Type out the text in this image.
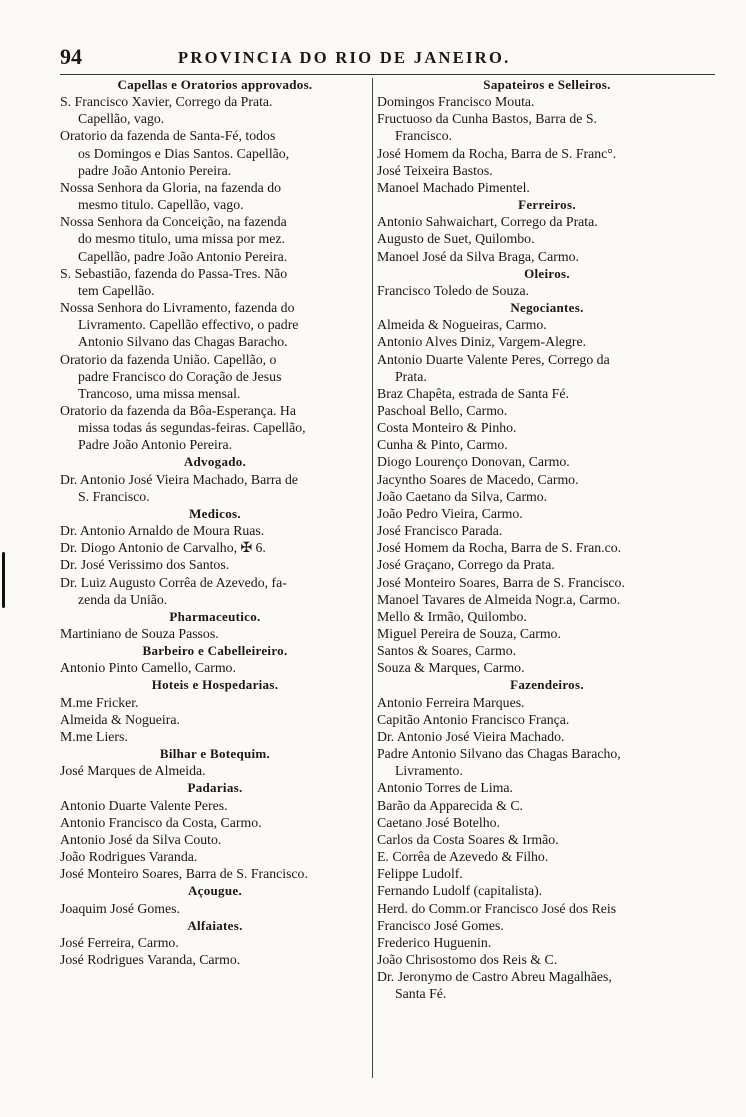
94	PROVINCIA DO RIO DE JANEIRO.
Capellas e Oratorios approvados.
S. Francisco Xavier, Corrego da Prata.
Capellão, vago.
Oratorio da fazenda de Santa-Fé, todos
os Domingos e Dias Santos. Capellão,
padre João Antonio Pereira.
Nossa Senhora da Gloria, na fazenda do
mesmo titulo. Capellão, vago.
Nossa Senhora da Conceição, na fazenda
do mesmo titulo, uma missa por mez.
Capellão, padre João Antonio Pereira.
S. Sebastião, fazenda do Passa-Tres. Não
tem Capellão.
Nossa Senhora do Livramento, fazenda do
Livramento. Capellão effectivo, o padre
Antonio Silvano das Chagas Baracho.
Oratorio da fazenda União. Capellão, o
padre Francisco do Coração de Jesus
Trancoso, uma missa mensal.
Oratorio da fazenda da Bôa-Esperança. Ha
missa todas ás segundas-feiras. Capellão,
Padre João Antonio Pereira.
Advogado.
Dr. Antonio José Vieira Machado, Barra de
S. Francisco.
Medicos.
Dr. Antonio Arnaldo de Moura Ruas.
Dr. Diogo Antonio de Carvalho, ✠ 6.
Dr. José Verissimo dos Santos.
Dr. Luiz Augusto Corrêa de Azevedo, fa-
zenda da União.
Pharmaceutico.
Martiniano de Souza Passos.
Barbeiro e Cabelleireiro.
Antonio Pinto Camello, Carmo.
Hoteis e Hospedarias.
M.me Fricker.
Almeida & Nogueira.
M.me Liers.
Bilhar e Botequim.
José Marques de Almeida.
Padarias.
Antonio Duarte Valente Peres.
Antonio Francisco da Costa, Carmo.
Antonio José da Silva Couto.
João Rodrigues Varanda.
José Monteiro Soares, Barra de S. Francisco.
Açougue.
Joaquim José Gomes.
Alfaiates.
José Ferreira, Carmo.
José Rodrigues Varanda, Carmo.
Sapateiros e Selleiros.
Domingos Francisco Mouta.
Fructuoso da Cunha Bastos, Barra de S.
Francisco.
José Homem da Rocha, Barra de S. Franc°.
José Teixeira Bastos.
Manoel Machado Pimentel.
Ferreiros.
Antonio Sahwaichart, Corrego da Prata.
Augusto de Suet, Quilombo.
Manoel José da Silva Braga, Carmo.
Oleiros.
Francisco Toledo de Souza.
Negociantes.
Almeida & Nogueiras, Carmo.
Antonio Alves Diniz, Vargem-Alegre.
Antonio Duarte Valente Peres, Corrego da
Prata.
Braz Chapêta, estrada de Santa Fé.
Paschoal Bello, Carmo.
Costa Monteiro & Pinho.
Cunha & Pinto, Carmo.
Diogo Lourenço Donovan, Carmo.
Jacyntho Soares de Macedo, Carmo.
João Caetano da Silva, Carmo.
João Pedro Vieira, Carmo.
José Francisco Parada.
José Homem da Rocha, Barra de S. Fran.co.
José Graçano, Corrego da Prata.
José Monteiro Soares, Barra de S. Francisco.
Manoel Tavares de Almeida Nogr.a, Carmo.
Mello & Irmão, Quilombo.
Miguel Pereira de Souza, Carmo.
Santos & Soares, Carmo.
Souza & Marques, Carmo.
Fazendeiros.
Antonio Ferreira Marques.
Capitão Antonio Francisco França.
Dr. Antonio José Vieira Machado.
Padre Antonio Silvano das Chagas Baracho,
Livramento.
Antonio Torres de Lima.
Barão da Apparecida & C.
Caetano José Botelho.
Carlos da Costa Soares & Irmão.
E. Corrêa de Azevedo & Filho.
Felippe Ludolf.
Fernando Ludolf (capitalista).
Herd. do Comm.or Francisco José dos Reis
Francisco José Gomes.
Frederico Huguenin.
João Chrisostomo dos Reis & C.
Dr. Jeronymo de Castro Abreu Magalhães,
Santa Fé.
